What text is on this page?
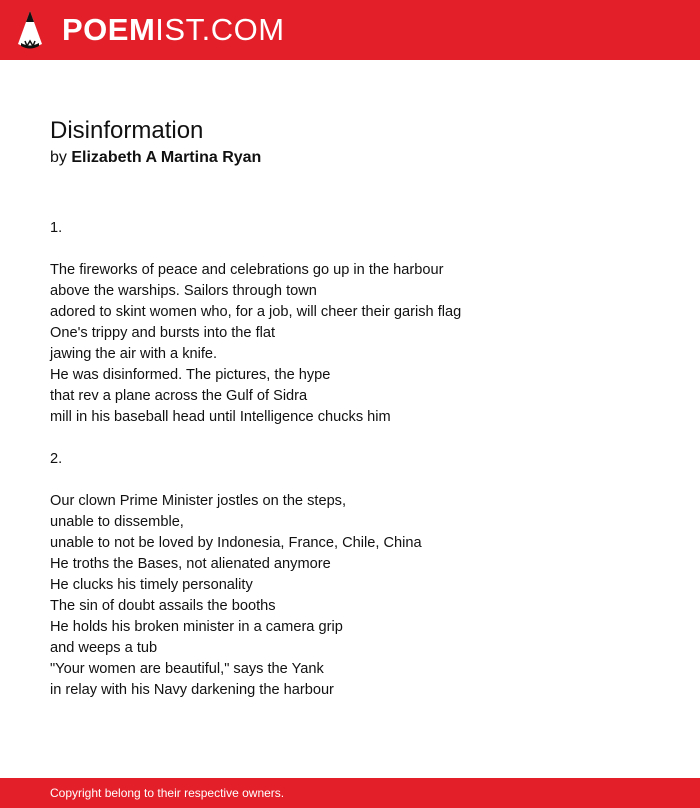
POEMIST.COM
Disinformation
by Elizabeth A Martina Ryan
1.
The fireworks of peace and celebrations go up in the harbour
above the warships. Sailors through town
adored to skint women who, for a job, will cheer their garish flag
One's trippy and bursts into the flat
jawing the air with a knife.
He was disinformed. The pictures, the hype
that rev a plane across the Gulf of Sidra
mill in his baseball head until Intelligence chucks him
2.
Our clown Prime Minister jostles on the steps,
unable to dissemble,
unable to not be loved by Indonesia, France, Chile, China
He troths the Bases, not alienated anymore
He clucks his timely personality
The sin of doubt assails the booths
He holds his broken minister in a camera grip
and weeps a tub
"Your women are beautiful," says the Yank
in relay with his Navy darkening the harbour
Copyright belong to their respective owners.
